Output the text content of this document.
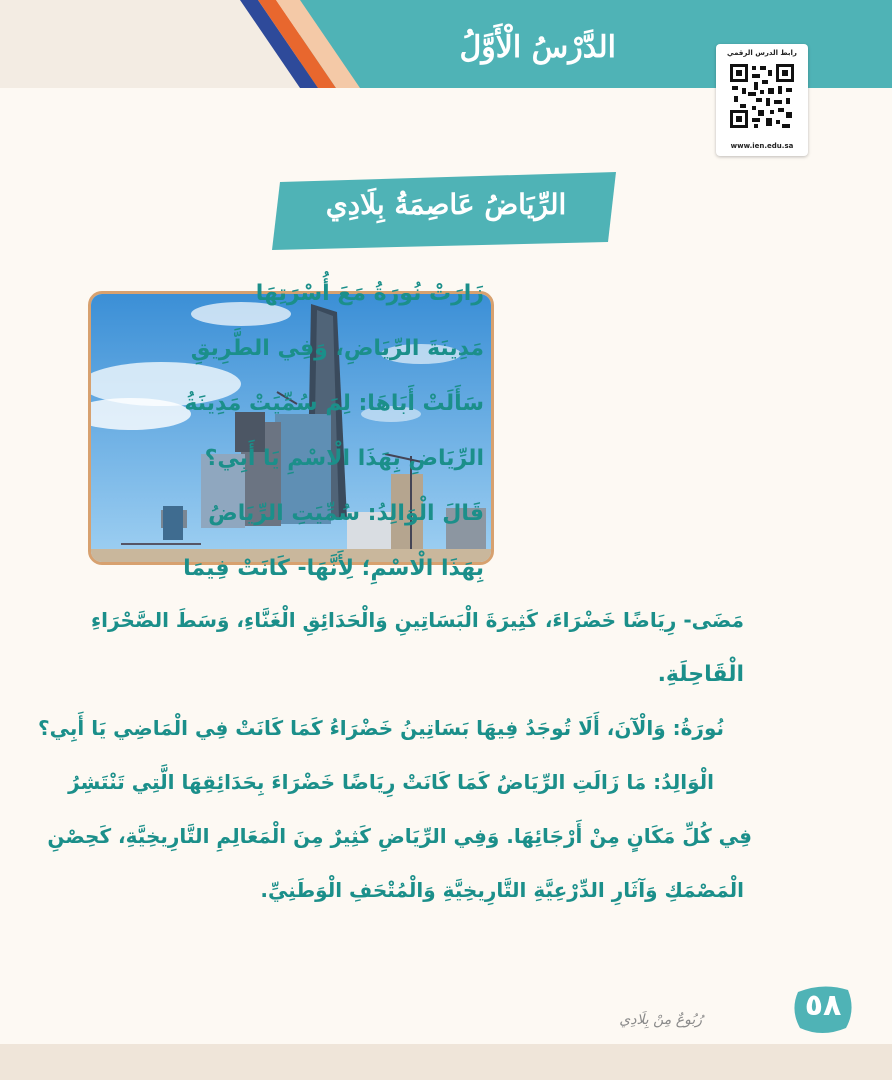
الدَّرْسُ الْأَوَّلُ	رابط الدرس الرقمي
www.ien.edu.sa
الرِّيَاضُ عَاصِمَةُ بِلَادِي

زَارَتْ نُورَةُ مَعَ أُسْرَتِهَا

مَدِينَةَ الرِّيَاضِ، وَفِي الطَّرِيقِ

سَأَلَتْ أَبَاهَا: لِمَ سُمِّيَتْ مَدِينَةُ

الرِّيَاضِ بِهَذَا الْاسْمِ يَا أَبِي؟

قَالَ الْوَالِدُ: سُمِّيَتِ الرِّيَاضُ

بِهَذَا الْاسْمِ؛ لِأَنَّهَا- كَانَتْ فِيمَا

مَضَى- رِيَاضًا خَضْرَاءَ، كَثِيرَةَ الْبَسَاتِينِ وَالْحَدَائِقِ الْغَنَّاءِ، وَسَطَ الصَّحْرَاءِ

الْقَاحِلَةِ.

نُورَةُ: وَالْآنَ، أَلَا تُوجَدُ فِيهَا بَسَاتِينُ خَضْرَاءُ كَمَا كَانَتْ فِي الْمَاضِي يَا أَبِي؟

الْوَالِدُ: مَا زَالَتِ الرِّيَاضُ كَمَا كَانَتْ رِيَاضًا خَضْرَاءَ بِحَدَائِقِهَا الَّتِي تَنْتَشِرُ

فِي كُلِّ مَكَانٍ مِنْ أَرْجَائِهَا. وَفِي الرِّيَاضِ كَثِيرٌ مِنَ الْمَعَالِمِ التَّارِيخِيَّةِ، كَحِصْنِ

الْمَصْمَكِ وَآثَارِ الدِّرْعِيَّةِ التَّارِيخِيَّةِ وَالْمُتْحَفِ الْوَطَنِيِّ.

٥٨
رُبُوعٌ مِنْ بِلَادِي
